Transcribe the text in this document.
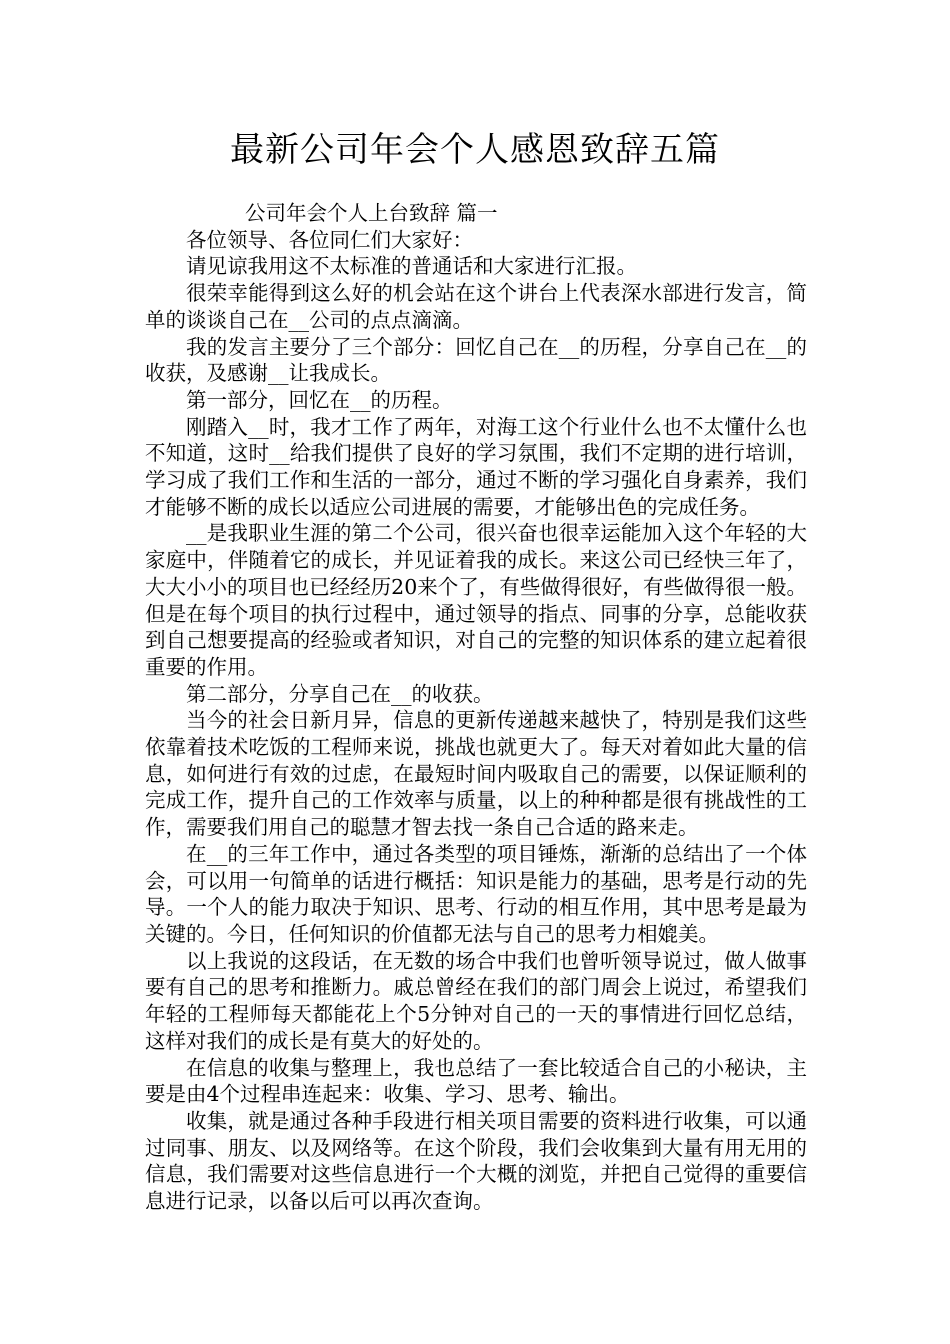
最新公司年会个人感恩致辞五篇
公司年会个人上台致辞 篇一

各位领导、各位同仁们大家好：

请见谅我用这不太标准的普通话和大家进行汇报。

很荣幸能得到这么好的机会站在这个讲台上代表深水部进行发言，简单的谈谈自己在__公司的点点滴滴。

我的发言主要分了三个部分：回忆自己在__的历程，分享自己在__的收获，及感谢__让我成长。

第一部分，回忆在__的历程。

刚踏入__时，我才工作了两年，对海工这个行业什么也不太懂什么也不知道，这时__给我们提供了良好的学习氛围，我们不定期的进行培训，学习成了我们工作和生活的一部分，通过不断的学习强化自身素养，我们才能够不断的成长以适应公司进展的需要，才能够出色的完成任务。

__是我职业生涯的第二个公司，很兴奋也很幸运能加入这个年轻的大家庭中，伴随着它的成长，并见证着我的成长。来这公司已经快三年了，大大小小的项目也已经经历20来个了，有些做得很好，有些做得很一般。但是在每个项目的执行过程中，通过领导的指点、同事的分享，总能收获到自己想要提高的经验或者知识，对自己的完整的知识体系的建立起着很重要的作用。

第二部分，分享自己在__的收获。

当今的社会日新月异，信息的更新传递越来越快了，特别是我们这些依靠着技术吃饭的工程师来说，挑战也就更大了。每天对着如此大量的信息，如何进行有效的过虑，在最短时间内吸取自己的需要，以保证顺利的完成工作，提升自己的工作效率与质量，以上的种种都是很有挑战性的工作，需要我们用自己的聪慧才智去找一条自己合适的路来走。

在__的三年工作中，通过各类型的项目锤炼，渐渐的总结出了一个体会，可以用一句简单的话进行概括：知识是能力的基础，思考是行动的先导。一个人的能力取决于知识、思考、行动的相互作用，其中思考是最为关键的。今日，任何知识的价值都无法与自己的思考力相媲美。

以上我说的这段话，在无数的场合中我们也曾听领导说过，做人做事要有自己的思考和推断力。戚总曾经在我们的部门周会上说过，希望我们年轻的工程师每天都能花上个5分钟对自己的一天的事情进行回忆总结，这样对我们的成长是有莫大的好处的。

在信息的收集与整理上，我也总结了一套比较适合自己的小秘诀，主要是由4个过程串连起来：收集、学习、思考、输出。

收集，就是通过各种手段进行相关项目需要的资料进行收集，可以通过同事、朋友、以及网络等。在这个阶段，我们会收集到大量有用无用的信息，我们需要对这些信息进行一个大概的浏览，并把自己觉得的重要信息进行记录，以备以后可以再次查询。
